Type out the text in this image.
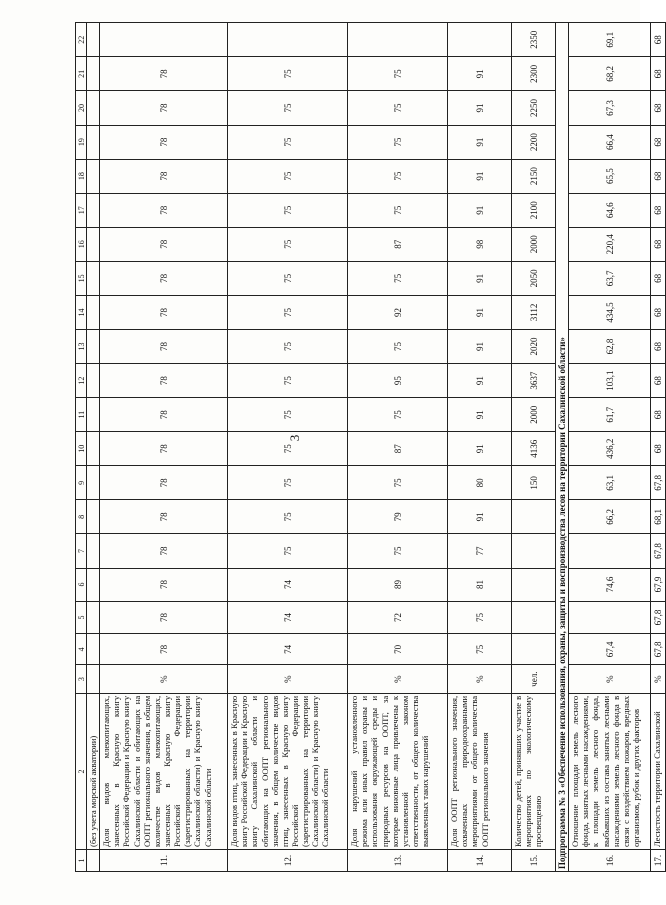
3
1	2	3	4	5	6	7	8	9	10	11	12	13	14	15	16	17	18	19	20	21	22
	(без учета морской акватории)																				
11.	Доля видов млекопитающих, занесенных в Красную книгу Российской Федерации и Красную книгу Сахалинской области и обитающих на ООПТ регионального значения, в общем количестве видов млекопитающих, занесенных в Красную книгу Российской Федерации (зарегистрированных на территории Сахалинской области) и Красную книгу Сахалинской области	%	78	78	78	78	78	78	78	78	78	78	78	78	78	78	78	78	78	78	
12.	Доля видов птиц, занесенных в Красную книгу Российской Федерации и Красную книгу Сахалинской области и обитающих на ООПТ регионального значения, в общем количестве видов птиц, занесенных в Красную книгу Российской Федерации (зарегистрированных на территории Сахалинской области) и Красную книгу Сахалинской области	%	74	74	74	75	75	75	75	75	75	75	75	75	75	75	75	75	75	75	
13.	Доля нарушений установленного режима или иных правил охраны и использования окружающей среды и природных ресурсов на ООПТ, за которые виновные лица привлечены к установленной законом ответственности, от общего количества выявленных таких нарушений	%	70	72	89	75	79	75	87	75	95	75	92	75	87	75	75	75	75	75	
14.	Доля ООПТ регионального значения, охваченных природоохранными мероприятиями от общего количества ООПТ регионального значения	%	75	75	81	77	91	80	91	91	91	91	91	91	98	91	91	91	91	91	
15.	Количество детей, принявших участие в мероприятиях по экологическому просвещению	чел.						150	4136	2000	3637	2020	3112	2050	2000	2100	2150	2200	2250	2300	2350
Подпрограмма № 3 «Обеспечение использования, охраны, защиты и воспроизводства лесов на территории Сахалинской области»																					
16.	Отношение площади земель лесного фонда, занятых лесными насаждениями, к площади земель лесного фонда, выбывших из состава занятых лесными насаждениями земель лесного фонда в связи с воздействием пожаров, вредных организмов, рубок и других факторов	%	67,4		74,6		66,2	63,1	436,2	61,7	103,1	62,8	434,5	63,7	220,4	64,6	65,5	66,4	67,3	68,2	69,1
17.	Лесистость территории Сахалинской	%	67,8	67,8	67,9	67,8	68,1	67,8	68	68	68	68	68	68	68	68	68	68	68	68	68
